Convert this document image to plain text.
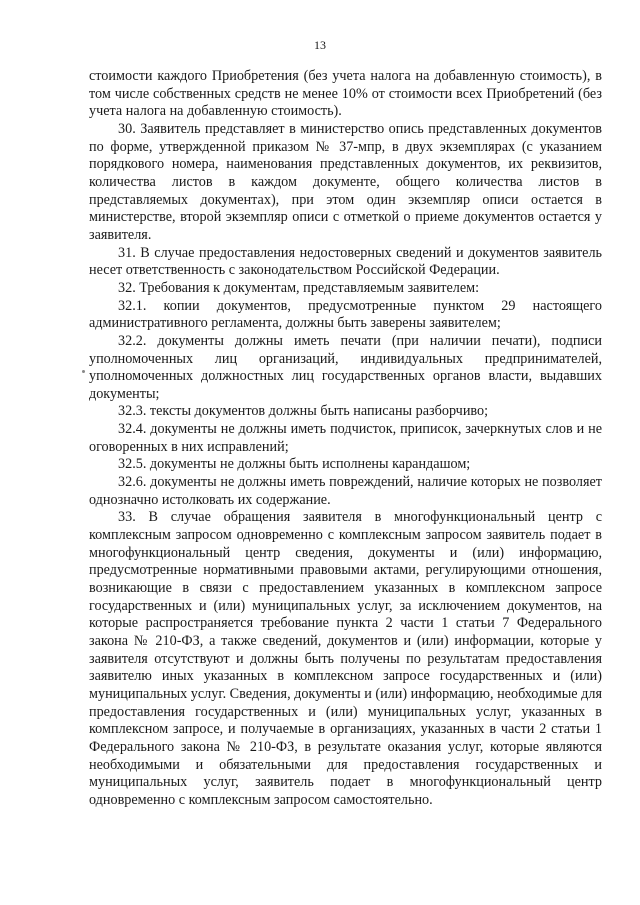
13

стоимости каждого Приобретения (без учета налога на добавленную стоимость), в том числе собственных средств не менее 10% от стоимости всех Приобретений (без учета налога на добавленную стоимость).

30. Заявитель представляет в министерство опись представленных документов по форме, утвержденной приказом № 37-мпр, в двух экземплярах (с указанием порядкового номера, наименования представленных документов, их реквизитов, количества листов в каждом документе, общего количества листов в представляемых документах), при этом один экземпляр описи остается в министерстве, второй экземпляр описи с отметкой о приеме документов остается у заявителя.

31. В случае предоставления недостоверных сведений и документов заявитель несет ответственность с законодательством Российской Федерации.

32. Требования к документам, представляемым заявителем:

32.1. копии документов, предусмотренные пунктом 29 настоящего административного регламента, должны быть заверены заявителем;

32.2. документы должны иметь печати (при наличии печати), подписи уполномоченных лиц организаций, индивидуальных предпринимателей, уполномоченных должностных лиц государственных органов власти, выдавших документы;

32.3. тексты документов должны быть написаны разборчиво;

32.4. документы не должны иметь подчисток, приписок, зачеркнутых слов и не оговоренных в них исправлений;

32.5. документы не должны быть исполнены карандашом;

32.6. документы не должны иметь повреждений, наличие которых не позволяет однозначно истолковать их содержание.

33. В случае обращения заявителя в многофункциональный центр с комплексным запросом одновременно с комплексным запросом заявитель подает в многофункциональный центр сведения, документы и (или) информацию, предусмотренные нормативными правовыми актами, регулирующими отношения, возникающие в связи с предоставлением указанных в комплексном запросе государственных и (или) муниципальных услуг, за исключением документов, на которые распространяется требование пункта 2 части 1 статьи 7 Федерального закона № 210-ФЗ, а также сведений, документов и (или) информации, которые у заявителя отсутствуют и должны быть получены по результатам предоставления заявителю иных указанных в комплексном запросе государственных и (или) муниципальных услуг. Сведения, документы и (или) информацию, необходимые для предоставления государственных и (или) муниципальных услуг, указанных в комплексном запросе, и получаемые в организациях, указанных в части 2 статьи 1 Федерального закона № 210-ФЗ, в результате оказания услуг, которые являются необходимыми и обязательными для предоставления государственных и муниципальных услуг, заявитель подает в многофункциональный центр одновременно с комплексным запросом самостоятельно.
